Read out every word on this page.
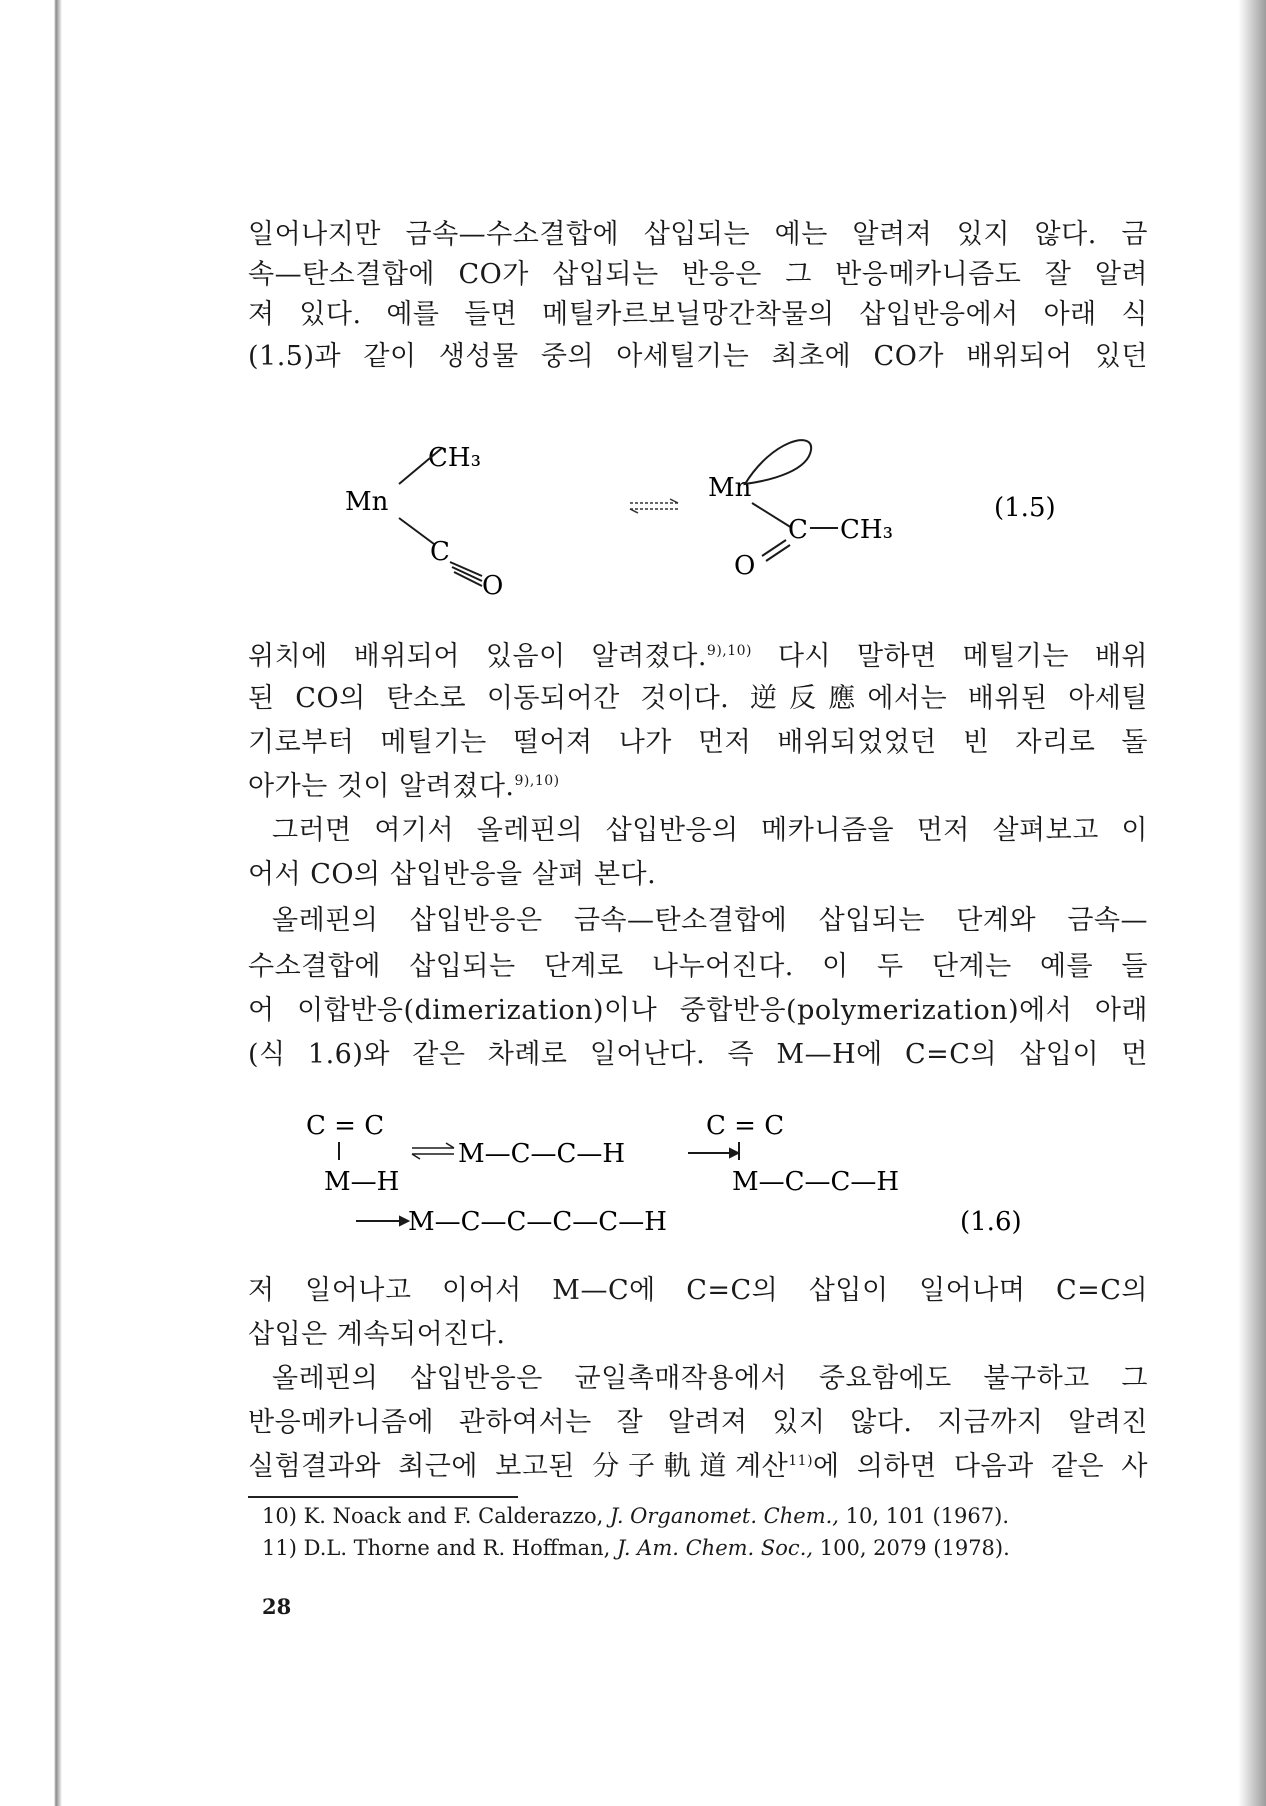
일어나지만 금속—수소결합에 삽입되는 예는 알려져 있지 않다. 금
속—탄소결합에 CO가 삽입되는 반응은 그 반응메카니즘도 잘 알려
져 있다. 예를 들면 메틸카르보닐망간착물의 삽입반응에서 아래 식
(1.5)과 같이 생성물 중의 아세틸기는 최초에 CO가 배위되어 있던
Mn
CH₃
C
O
Mn
C CH₃
O
(1.5)
위치에 배위되어 있음이 알려졌다.$^{9),10)}$ 다시 말하면 메틸기는 배위
된 CO의 탄소로 이동되어간 것이다. 逆反應에서는 배위된 아세틸
기로부터 메틸기는 떨어져 나가 먼저 배위되었었던 빈 자리로 돌
아가는 것이 알려졌다.$^{9),10)}$
그러면 여기서 올레핀의 삽입반응의 메카니즘을 먼저 살펴보고 이
어서 CO의 삽입반응을 살펴 본다.
올레핀의 삽입반응은 금속—탄소결합에 삽입되는 단계와 금속—
수소결합에 삽입되는 단계로 나누어진다. 이 두 단계는 예를 들
어 이합반응(dimerization)이나 중합반응(polymerization)에서 아래
(식 1.6)와 같은 차례로 일어난다. 즉 M—H에 C=C의 삽입이 먼
C = C
M—H
M—C—C—H
C = C
M—C—C—H
M—C—C—C—C—H	(1.6)
저 일어나고 이어서 M—C에 C=C의 삽입이 일어나며 C=C의
삽입은 계속되어진다.
올레핀의 삽입반응은 균일촉매작용에서 중요함에도 불구하고 그
반응메카니즘에 관하여서는 잘 알려져 있지 않다. 지금까지 알려진
실험결과와 최근에 보고된 分子軌道계산$^{11)}$에 의하면 다음과 같은 사
10) K. Noack and F. Calderazzo, J. Organomet. Chem., 10, 101 (1967).
11) D.L. Thorne and R. Hoffman, J. Am. Chem. Soc., 100, 2079 (1978).
28
